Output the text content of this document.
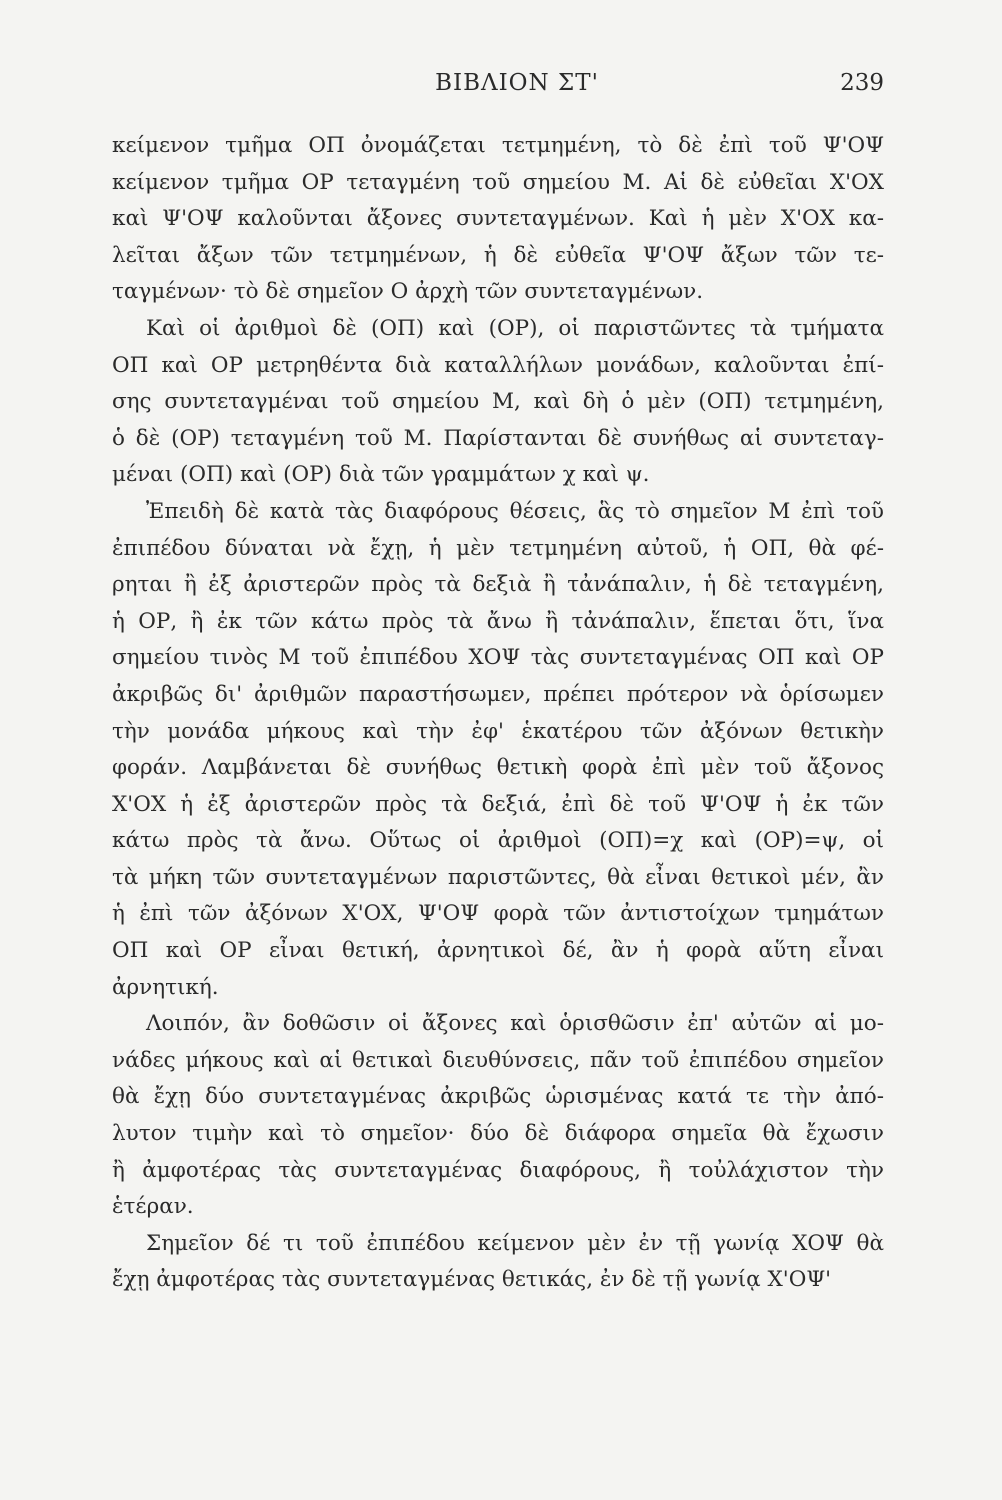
ΒΙΒΛΙΟΝ ΣΤ'	239
κείμενον τμῆμα ΟΠ ὀνομάζεται τετμημένη, τὸ δὲ ἐπὶ τοῦ Ψ'ΟΨ
κείμενον τμῆμα ΟΡ τεταγμένη τοῦ σημείου Μ. Αἱ δὲ εὐθεῖαι Χ'ΟΧ
καὶ Ψ'ΟΨ καλοῦνται ἄξονες συντεταγμένων. Καὶ ἡ μὲν Χ'ΟΧ κα-
λεῖται ἄξων τῶν τετμημένων, ἡ δὲ εὐθεῖα Ψ'ΟΨ ἄξων τῶν τε-
ταγμένων· τὸ δὲ σημεῖον Ο ἀρχὴ τῶν συντεταγμένων.
Καὶ οἱ ἀριθμοὶ δὲ (ΟΠ) καὶ (ΟΡ), οἱ παριστῶντες τὰ τμήματα
ΟΠ καὶ ΟΡ μετρηθέντα διὰ καταλλήλων μονάδων, καλοῦνται ἐπί-
σης συντεταγμέναι τοῦ σημείου Μ, καὶ δὴ ὁ μὲν (ΟΠ) τετμημένη,
ὁ δὲ (ΟΡ) τεταγμένη τοῦ Μ. Παρίστανται δὲ συνήθως αἱ συντεταγ-
μέναι (ΟΠ) καὶ (ΟΡ) διὰ τῶν γραμμάτων χ καὶ ψ.
Ἐπειδὴ δὲ κατὰ τὰς διαφόρους θέσεις, ἃς τὸ σημεῖον Μ ἐπὶ τοῦ
ἐπιπέδου δύναται νὰ ἔχῃ, ἡ μὲν τετμημένη αὐτοῦ, ἡ ΟΠ, θὰ φέ-
ρηται ἢ ἐξ ἀριστερῶν πρὸς τὰ δεξιὰ ἢ τἀνάπαλιν, ἡ δὲ τεταγμένη,
ἡ ΟΡ, ἢ ἐκ τῶν κάτω πρὸς τὰ ἄνω ἢ τἀνάπαλιν, ἕπεται ὅτι, ἵνα
σημείου τινὸς Μ τοῦ ἐπιπέδου ΧΟΨ τὰς συντεταγμένας ΟΠ καὶ ΟΡ
ἀκριβῶς δι' ἀριθμῶν παραστήσωμεν, πρέπει πρότερον νὰ ὁρίσωμεν
τὴν μονάδα μήκους καὶ τὴν ἐφ' ἑκατέρου τῶν ἀξόνων θετικὴν
φοράν. Λαμβάνεται δὲ συνήθως θετικὴ φορὰ ἐπὶ μὲν τοῦ ἄξονος
Χ'ΟΧ ἡ ἐξ ἀριστερῶν πρὸς τὰ δεξιά, ἐπὶ δὲ τοῦ Ψ'ΟΨ ἡ ἐκ τῶν
κάτω πρὸς τὰ ἄνω. Οὕτως οἱ ἀριθμοὶ (ΟΠ)=χ καὶ (ΟΡ)=ψ, οἱ
τὰ μήκη τῶν συντεταγμένων παριστῶντες, θὰ εἶναι θετικοὶ μέν, ἂν
ἡ ἐπὶ τῶν ἀξόνων Χ'ΟΧ, Ψ'ΟΨ φορὰ τῶν ἀντιστοίχων τμημάτων
ΟΠ καὶ ΟΡ εἶναι θετική, ἀρνητικοὶ δέ, ἂν ἡ φορὰ αὕτη εἶναι
ἀρνητική.
Λοιπόν, ἂν δοθῶσιν οἱ ἄξονες καὶ ὁρισθῶσιν ἐπ' αὐτῶν αἱ μο-
νάδες μήκους καὶ αἱ θετικαὶ διευθύνσεις, πᾶν τοῦ ἐπιπέδου σημεῖον
θὰ ἔχῃ δύο συντεταγμένας ἀκριβῶς ὡρισμένας κατά τε τὴν ἀπό-
λυτον τιμὴν καὶ τὸ σημεῖον· δύο δὲ διάφορα σημεῖα θὰ ἔχωσιν
ἢ ἀμφοτέρας τὰς συντεταγμένας διαφόρους, ἢ τοὐλάχιστον τὴν
ἑτέραν.
Σημεῖον δέ τι τοῦ ἐπιπέδου κείμενον μὲν ἐν τῇ γωνίᾳ ΧΟΨ θὰ
ἔχῃ ἀμφοτέρας τὰς συντεταγμένας θετικάς, ἐν δὲ τῇ γωνίᾳ Χ'ΟΨ'
